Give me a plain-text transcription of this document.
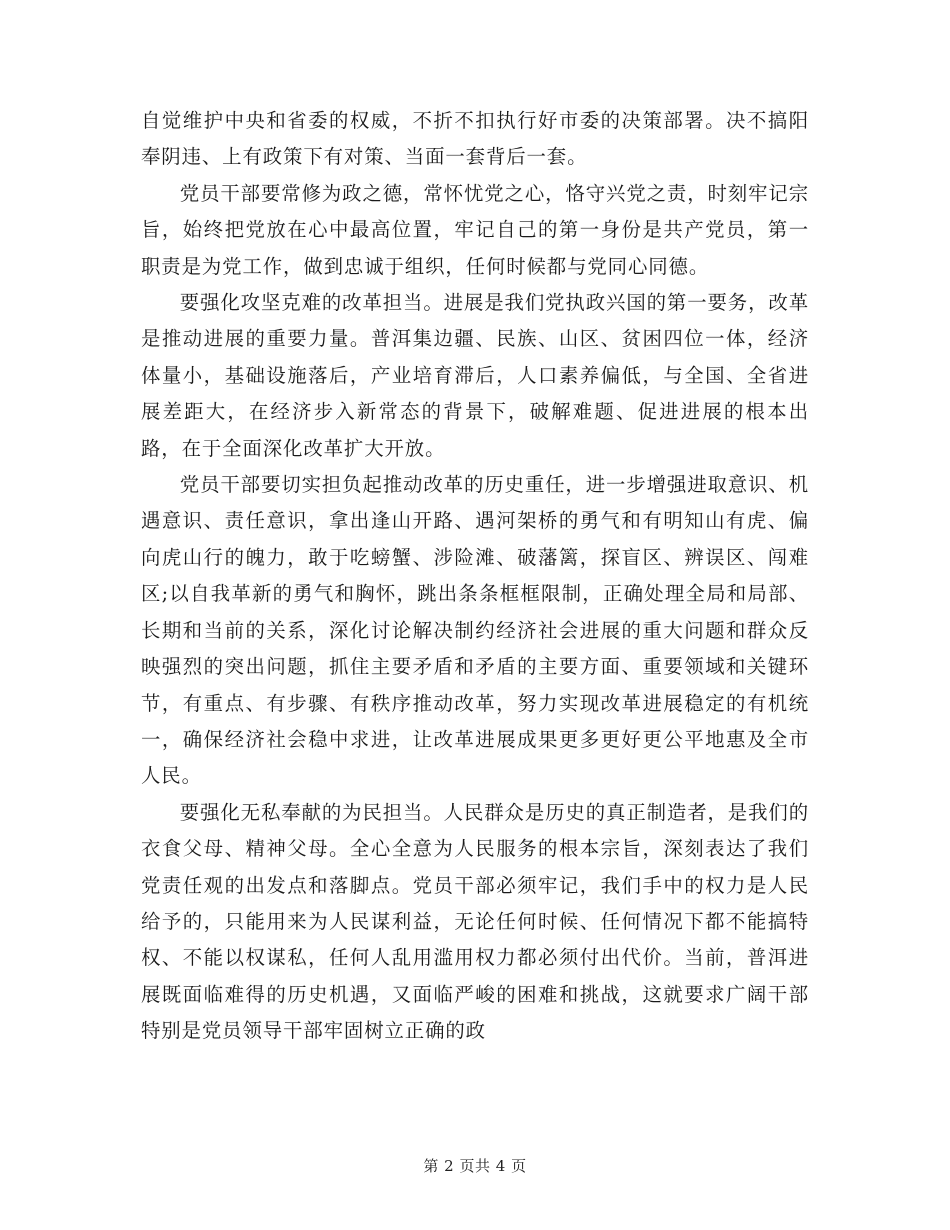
自觉维护中央和省委的权威，不折不扣执行好市委的决策部署。决不搞阳奉阴违、上有政策下有对策、当面一套背后一套。

党员干部要常修为政之德，常怀忧党之心，恪守兴党之责，时刻牢记宗旨，始终把党放在心中最高位置，牢记自己的第一身份是共产党员，第一职责是为党工作，做到忠诚于组织，任何时候都与党同心同德。

要强化攻坚克难的改革担当。进展是我们党执政兴国的第一要务，改革是推动进展的重要力量。普洱集边疆、民族、山区、贫困四位一体，经济体量小，基础设施落后，产业培育滞后，人口素养偏低，与全国、全省进展差距大，在经济步入新常态的背景下，破解难题、促进进展的根本出路，在于全面深化改革扩大开放。

党员干部要切实担负起推动改革的历史重任，进一步增强进取意识、机遇意识、责任意识，拿出逢山开路、遇河架桥的勇气和有明知山有虎、偏向虎山行的魄力，敢于吃螃蟹、涉险滩、破藩篱，探盲区、辨误区、闯难区;以自我革新的勇气和胸怀，跳出条条框框限制，正确处理全局和局部、长期和当前的关系，深化讨论解决制约经济社会进展的重大问题和群众反映强烈的突出问题，抓住主要矛盾和矛盾的主要方面、重要领域和关键环节，有重点、有步骤、有秩序推动改革，努力实现改革进展稳定的有机统一，确保经济社会稳中求进，让改革进展成果更多更好更公平地惠及全市人民。

要强化无私奉献的为民担当。人民群众是历史的真正制造者，是我们的衣食父母、精神父母。全心全意为人民服务的根本宗旨，深刻表达了我们党责任观的出发点和落脚点。党员干部必须牢记，我们手中的权力是人民给予的，只能用来为人民谋利益，无论任何时候、任何情况下都不能搞特权、不能以权谋私，任何人乱用滥用权力都必须付出代价。当前，普洱进展既面临难得的历史机遇，又面临严峻的困难和挑战，这就要求广阔干部特别是党员领导干部牢固树立正确的政

第 2 页共 4 页
